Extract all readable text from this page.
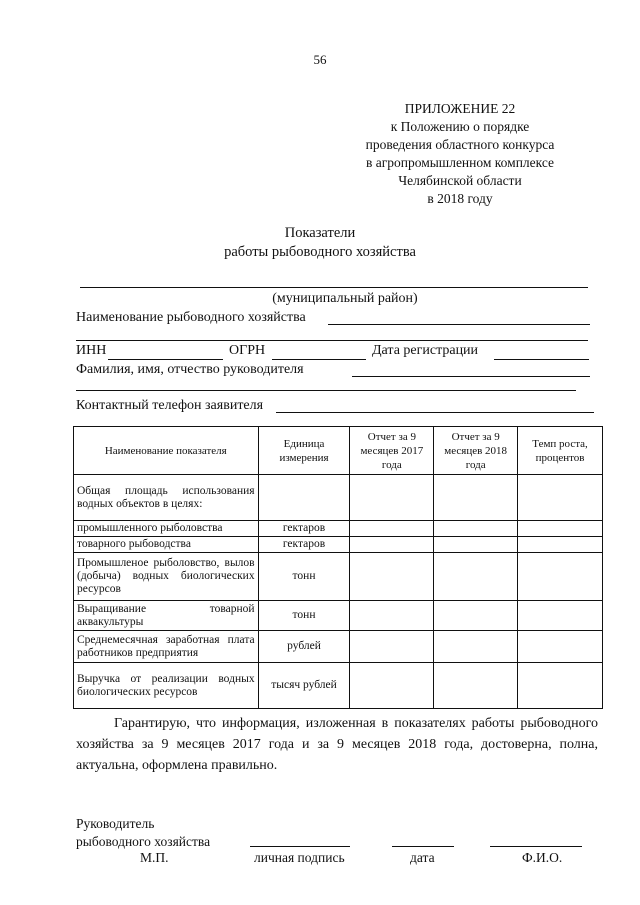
56
ПРИЛОЖЕНИЕ 22
к Положению о порядке
проведения областного конкурса
в агропромышленном комплексе
Челябинской области
в 2018 году
Показатели
работы рыбоводного хозяйства
(муниципальный район)
Наименование рыбоводного хозяйства
ИНН	ОГРН	Дата регистрации
Фамилия, имя, отчество руководителя
Контактный телефон заявителя
Наименование показателя	Единица измерения	Отчет за 9 месяцев 2017 года	Отчет за 9 месяцев 2018 года	Темп роста, процентов
Общая площадь использования водных объектов в целях:				
промышленного рыболовства	гектаров			
товарного рыбоводства	гектаров			
Промышленое рыболовство, вылов (добыча) водных биологических ресурсов	тонн			
Выращивание товарной аквакультуры	тонн			
Среднемесячная заработная плата работников предприятия	рублей			
Выручка от реализации водных биологических ресурсов	тысяч рублей			
Гарантирую, что информация, изложенная в показателях работы рыбоводного хозяйства за 9 месяцев 2017 года и за 9 месяцев 2018 года, достоверна, полна, актуальна, оформлена правильно.
Руководитель
рыбоводного хозяйства
М.П.	личная подпись	дата	Ф.И.О.
